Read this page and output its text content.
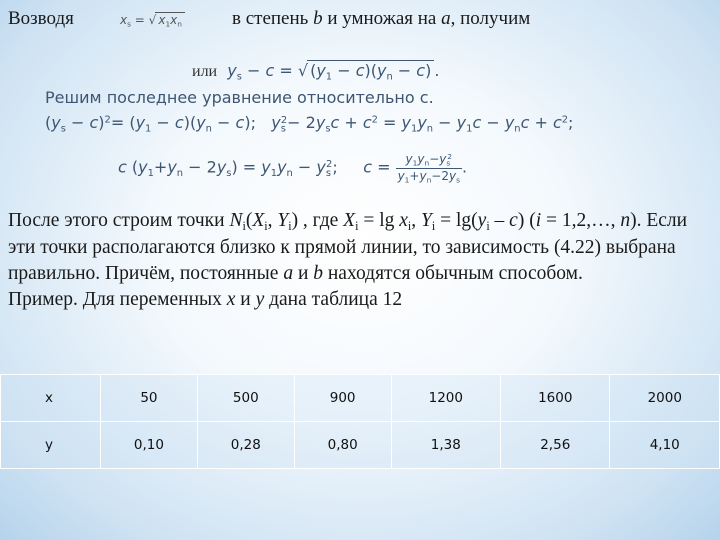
Возводя	$x_s$ = √ $x_1x_n$	в степень b и умножая на a, получим
или $y_s - c$ = √ $(y_1 - c)(y_n - c)$ .
Решим последнее уравнение относительно c.
$(y_s - c)^2= (y_1 - c)(y_n - c)$;   $y_s^2- 2y_sc + c^2 = y_1y_n - y_1c - y_nc + c^2$;
c $(y_1+y_n - 2y_s) = y_1y_n - y_s^2$;     $c = \frac{y_1y_n-y_s^2}{y_1+y_n-2y_s}$ .
После этого строим точки $N_i(X_i$, $Y_i$) , где $X_i = \lg x_i$, $Y_i = \lg(y_i - c) (i$ = 1,2,…, n). Если эти точки располагаются близко к прямой линии, то зависимость (4.22) выбрана правильно. Причём, постоянные a и b находятся обычным способом.
Пример. Для переменных x и y дана таблица 12
x	50	500	900	1200	1600	2000
y	0,10	0,28	0,80	1,38	2,56	4,10
